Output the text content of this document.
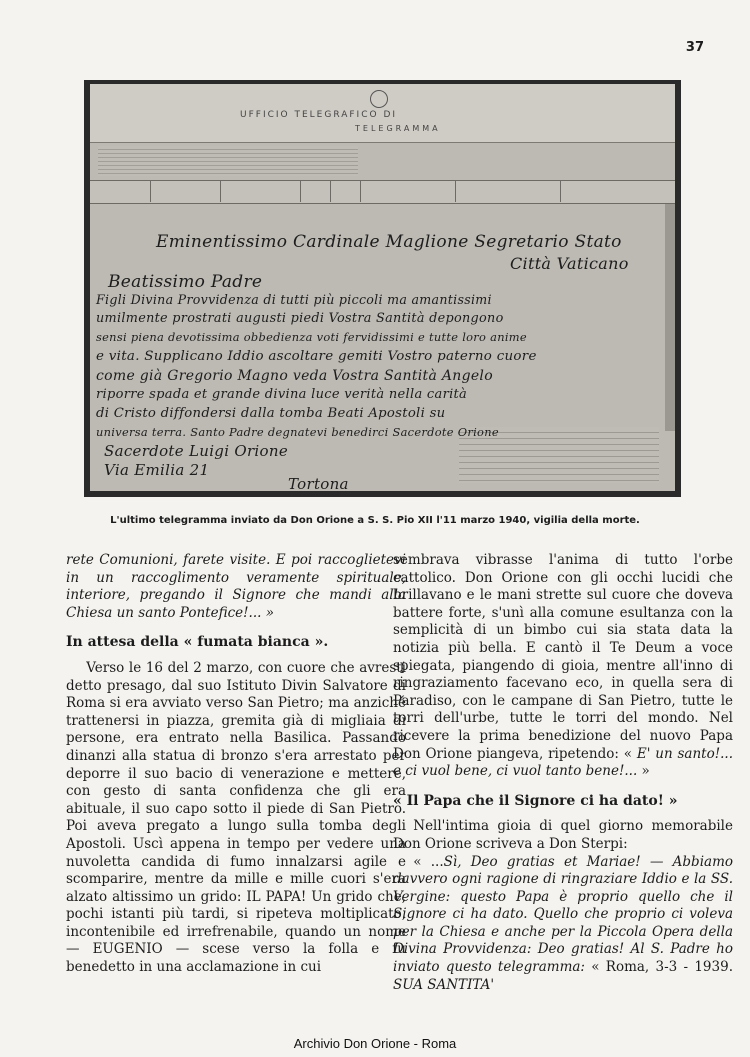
37
UFFICIO TELEGRAFICO DI
TELEGRAMMA
Eminentissimo Cardinale Maglione Segretario Stato
Città Vaticano
Beatissimo Padre
Figli Divina Provvidenza di tutti più piccoli ma amantissimi
umilmente prostrati augusti piedi Vostra Santità depongono
sensi piena devotissima obbedienza voti fervidissimi e tutte loro anime
e vita. Supplicano Iddio ascoltare gemiti Vostro paterno cuore
come già Gregorio Magno veda Vostra Santità Angelo
riporre spada et grande divina luce verità nella carità
di Cristo diffondersi dalla tomba Beati Apostoli su
universa terra. Santo Padre degnatevi benedirci Sacerdote Orione
Sacerdote Luigi Orione
Via Emilia 21
Tortona
L'ultimo telegramma inviato da Don Orione a S. S. Pio XII l'11 marzo 1940, vigilia della morte.

rete Comunioni, farete visite. E poi raccoglietevi in un raccoglimento veramente spirituale, interiore, pregando il Signore che mandi alla Chiesa un santo Pontefice!... »

In attesa della « fumata bianca ».

Verso le 16 del 2 marzo, con cuore che avresti detto presago, dal suo Istituto Divin Salvatore di Roma si era avviato verso San Pietro; ma anziché trattenersi in piazza, gremita già di migliaia di persone, era entrato nella Basilica. Passando dinanzi alla statua di bronzo s'era arrestato per deporre il suo bacio di venerazione e mettere, con gesto di santa confidenza che gli era abituale, il suo capo sotto il piede di San Pietro. Poi aveva pregato a lungo sulla tomba degli Apostoli. Uscì appena in tempo per vedere una nuvoletta candida di fumo innalzarsi agile e scomparire, mentre da mille e mille cuori s'era alzato altissimo un grido: IL PAPA! Un grido che, pochi istanti più tardi, si ripeteva moltiplicato, incontenibile ed irrefrenabile, quando un nome — EUGENIO — scese verso la folla e fu benedetto in una acclamazione in cui

sembrava vibrasse l'anima di tutto l'orbe cattolico. Don Orione con gli occhi lucidi che brillavano e le mani strette sul cuore che doveva battere forte, s'unì alla comune esultanza con la semplicità di un bimbo cui sia stata data la notizia più bella. E cantò il Te Deum a voce spiegata, piangendo di gioia, mentre all'inno di ringraziamento facevano eco, in quella sera di Paradiso, con le campane di San Pietro, tutte le torri dell'urbe, tutte le torri del mondo. Nel ricevere la prima benedizione del nuovo Papa Don Orione piangeva, ripetendo: « E' un santo!... e ci vuol bene, ci vuol tanto bene!... »

« Il Papa che il Signore ci ha dato! »

Nell'intima gioia di quel giorno memorabile Don Orione scriveva a Don Sterpi:

« ...Sì, Deo gratias et Mariae! — Abbiamo davvero ogni ragione di ringraziare Iddio e la SS. Vergine: questo Papa è proprio quello che il Signore ci ha dato. Quello che proprio ci voleva per la Chiesa e anche per la Piccola Opera della Divina Provvidenza: Deo gratias! Al S. Padre ho inviato questo telegramma: « Roma, 3-3 - 1939. SUA SANTITA'

Archivio Don Orione - Roma
